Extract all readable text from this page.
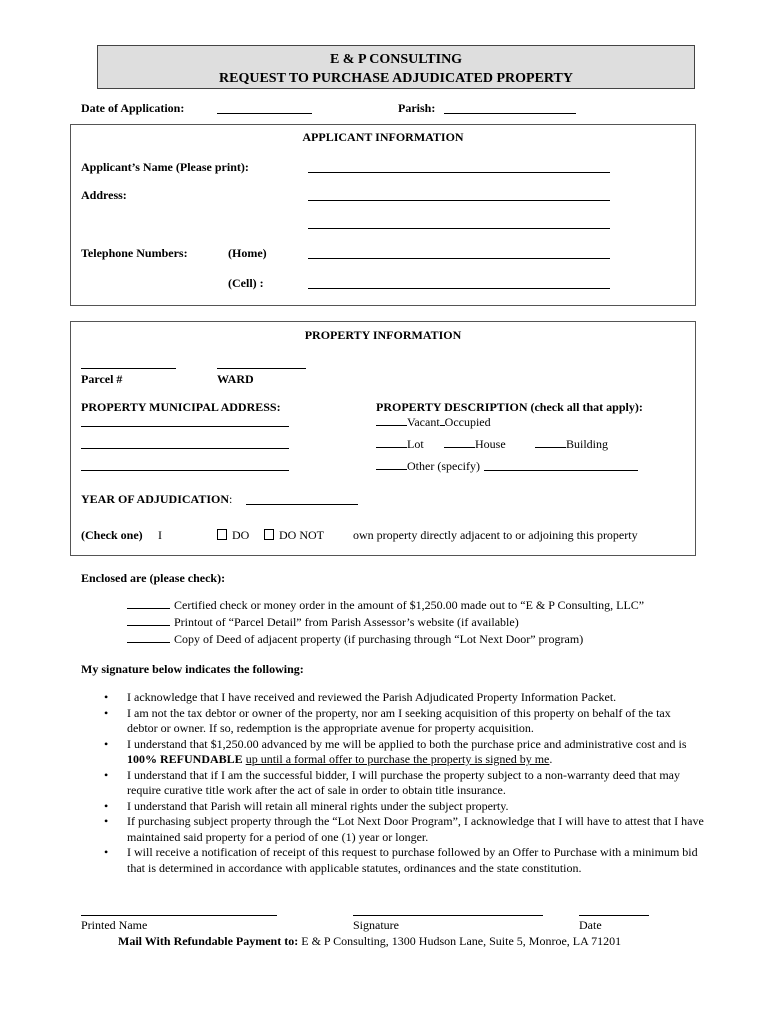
E & P CONSULTING
REQUEST TO PURCHASE ADJUDICATED PROPERTY
Date of Application:	Parish:
APPLICANT INFORMATION
Applicant’s Name (Please print):
Address:
Telephone Numbers:	(Home)
(Cell) :
PROPERTY INFORMATION
Parcel #	WARD
PROPERTY MUNICIPAL ADDRESS:	PROPERTY DESCRIPTION (check all that apply):
Vacant Occupied
Lot	House	Building
Other (specify)
YEAR OF ADJUDICATION:
(Check one) I	DO	DO NOT own property directly adjacent to or adjoining this property
Enclosed are (please check):
Certified check or money order in the amount of $1,250.00 made out to “E & P Consulting, LLC”
Printout of “Parcel Detail” from Parish Assessor’s website (if available)
Copy of Deed of adjacent property (if purchasing through “Lot Next Door” program)
My signature below indicates the following:
• I acknowledge that I have received and reviewed the Parish Adjudicated Property Information Packet.
• I am not the tax debtor or owner of the property, nor am I seeking acquisition of this property on behalf of the tax debtor or owner. If so, redemption is the appropriate avenue for property acquisition.
• I understand that $1,250.00 advanced by me will be applied to both the purchase price and administrative cost and is 100% REFUNDABLE up until a formal offer to purchase the property is signed by me.
• I understand that if I am the successful bidder, I will purchase the property subject to a non-warranty deed that may require curative title work after the act of sale in order to obtain title insurance.
• I understand that Parish will retain all mineral rights under the subject property.
• If purchasing subject property through the “Lot Next Door Program”, I acknowledge that I will have to attest that I have maintained said property for a period of one (1) year or longer.
• I will receive a notification of receipt of this request to purchase followed by an Offer to Purchase with a minimum bid that is determined in accordance with applicable statutes, ordinances and the state constitution.
Printed Name	Signature	Date
Mail With Refundable Payment to: E & P Consulting, 1300 Hudson Lane, Suite 5, Monroe, LA 71201
